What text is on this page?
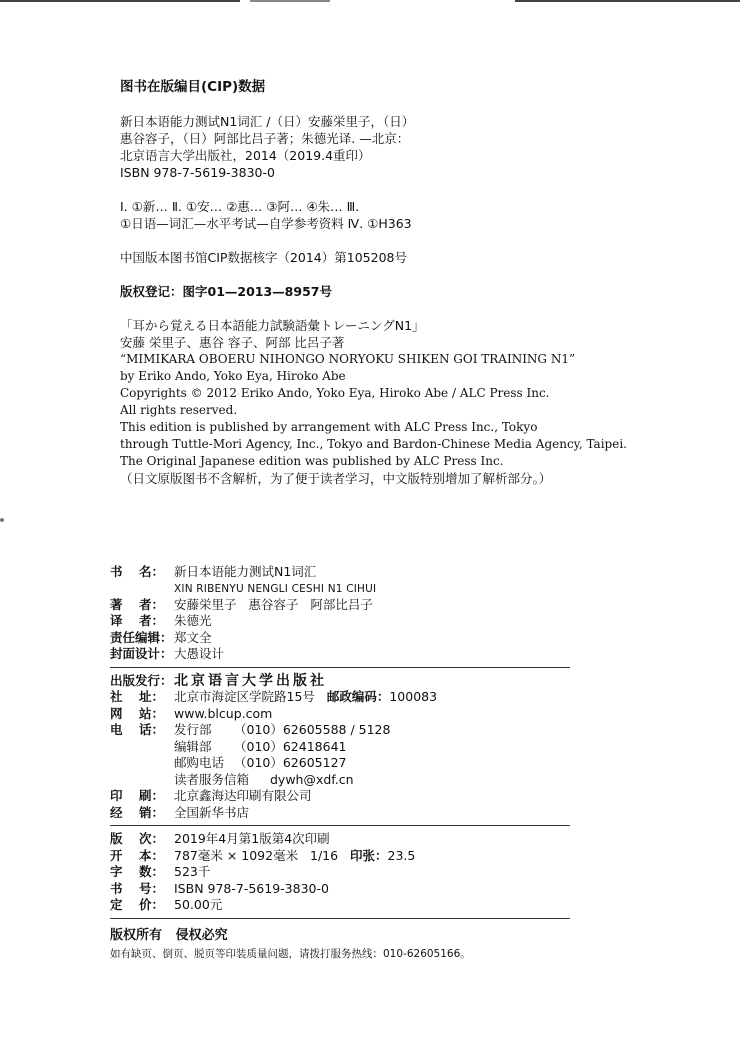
图书在版编目(CIP)数据
新日本语能力测试N1词汇 /（日）安藤栄里子，（日）
惠谷容子，（日）阿部比吕子著；朱德光译. —北京：
北京语言大学出版社，2014（2019.4重印）
ISBN 978-7-5619-3830-0
Ⅰ. ①新… Ⅱ. ①安… ②惠… ③阿… ④朱… Ⅲ.
①日语—词汇—水平考试—自学参考资料 Ⅳ. ①H363
中国版本图书馆CIP数据核字（2014）第105208号
版权登记：图字01—2013—8957号
「耳から覚える日本語能力試験語彙トレーニングN1」
安藤 栄里子、惠谷 容子、阿部 比呂子著
“MIMIKARA OBOERU NIHONGO NORYOKU SHIKEN GOI TRAINING N1”
by Eriko Ando, Yoko Eya, Hiroko Abe
Copyrights © 2012 Eriko Ando, Yoko Eya, Hiroko Abe / ALC Press Inc.
All rights reserved.
This edition is published by arrangement with ALC Press Inc., Tokyo
through Tuttle-Mori Agency, Inc., Tokyo and Bardon-Chinese Media Agency, Taipei.
The Original Japanese edition was published by ALC Press Inc.
（日文原版图书不含解析，为了便于读者学习，中文版特别增加了解析部分。）
书 名： 新日本语能力测试N1词汇
XIN RIBENYU NENGLI CESHI N1 CIHUI
著 者： 安藤栄里子   惠谷容子   阿部比吕子
译 者： 朱德光
责任编辑： 郑文全
封面设计： 大愚设计
出版发行： 北京语言大学出版社
社 址： 北京市海淀区学院路15号 邮政编码：100083
网 站： www.blcup.com
电 话： 发行部	（010）62605588 / 5128
编辑部	（010）62418641
邮购电话 （010）62605127
读者服务信箱	dywh@xdf.cn
印 刷： 北京鑫海达印刷有限公司
经 销： 全国新华书店
版 次： 2019年4月第1版第4次印刷
开 本： 787毫米 × 1092毫米   1/16 印张：23.5
字 数： 523千
书 号： ISBN 978-7-5619-3830-0
定 价： 50.00元
版权所有   侵权必究
如有缺页、倒页、脱页等印装质量问题，请拨打服务热线：010-62605166。
